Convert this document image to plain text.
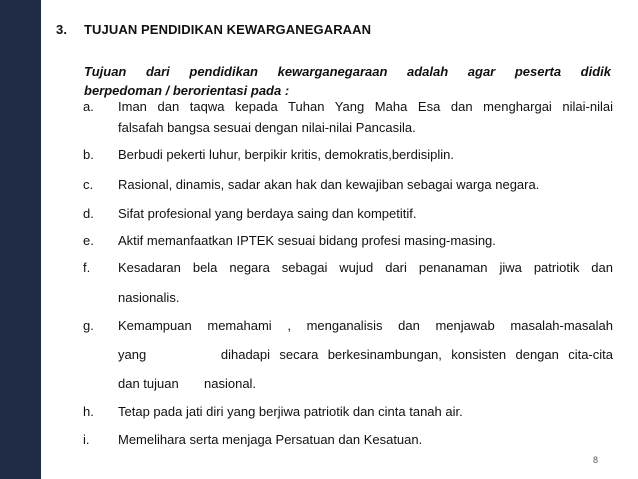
3. TUJUAN PENDIDIKAN KEWARGANEGARAAN
Tujuan dari pendidikan kewarganegaraan adalah agar peserta didik
berpedoman / berorientasi pada :
a. Iman dan taqwa kepada Tuhan Yang Maha Esa dan menghargai nilai-nilai
falsafah bangsa sesuai dengan nilai-nilai Pancasila.
b. Berbudi pekerti luhur, berpikir kritis, demokratis,berdisiplin.
c. Rasional, dinamis, sadar akan hak dan kewajiban sebagai warga negara.
d. Sifat profesional yang berdaya saing dan kompetitif.
e. Aktif memanfaatkan IPTEK sesuai bidang profesi masing-masing.
f. Kesadaran bela negara sebagai wujud dari penanaman jiwa patriotik dan
nasionalis.
g. Kemampuan memahami , menganalisis dan menjawab masalah-masalah
yang        dihadapi secara berkesinambungan, konsisten dengan cita-cita
dan tujuan       nasional.
h. Tetap pada jati diri yang berjiwa patriotik dan cinta tanah air.
i. Memelihara serta menjaga Persatuan dan Kesatuan.
8
